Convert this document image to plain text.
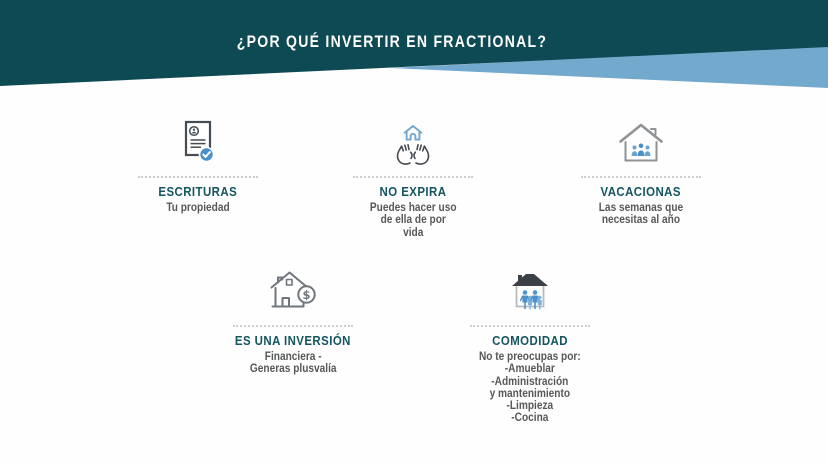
¿POR QUÉ INVERTIR EN FRACTIONAL?
ESCRITURAS
Tu propiedad
NO EXPIRA
Puedes hacer uso
de ella de por
vida
VACACIONAS
Las semanas que
necesitas al año
$
ES UNA INVERSIÓN
Financiera -
Generas plusvalía
COMODIDAD
No te preocupas por:
-Amueblar
-Administración
y mantenimiento
-Limpieza
-Cocina
